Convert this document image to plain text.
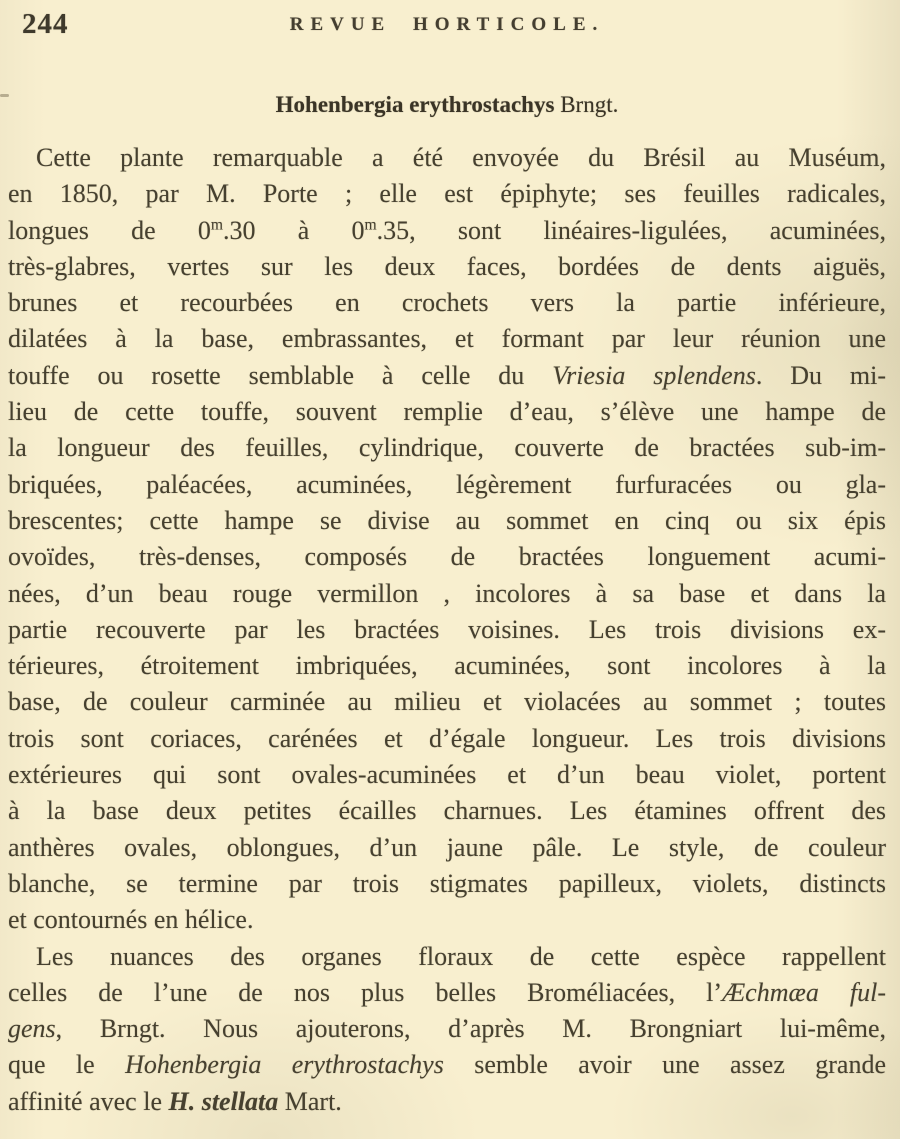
244	REVUE HORTICOLE.
Hohenbergia erythrostachys Brngt.
Cette plante remarquable a été envoyée du Brésil au Muséum,
en 1850, par M. Porte ; elle est épiphyte; ses feuilles radicales,
longues de 0$^m$.30 à 0$^m$.35, sont linéaires-ligulées, acuminées,
très-glabres, vertes sur les deux faces, bordées de dents aiguës,
brunes et recourbées en crochets vers la partie inférieure,
dilatées à la base, embrassantes, et formant par leur réunion une
touffe ou rosette semblable à celle du Vriesia splendens. Du mi-
lieu de cette touffe, souvent remplie d’eau, s’élève une hampe de
la longueur des feuilles, cylindrique, couverte de bractées sub-im-
briquées, paléacées, acuminées, légèrement furfuracées ou gla-
brescentes; cette hampe se divise au sommet en cinq ou six épis
ovoïdes, très-denses, composés de bractées longuement acumi-
nées, d’un beau rouge vermillon , incolores à sa base et dans la
partie recouverte par les bractées voisines. Les trois divisions ex-
térieures, étroitement imbriquées, acuminées, sont incolores à la
base, de couleur carminée au milieu et violacées au sommet ; toutes
trois sont coriaces, carénées et d’égale longueur. Les trois divisions
extérieures qui sont ovales-acuminées et d’un beau violet, portent
à la base deux petites écailles charnues. Les étamines offrent des
anthères ovales, oblongues, d’un jaune pâle. Le style, de couleur
blanche, se termine par trois stigmates papilleux, violets, distincts
et contournés en hélice.
Les nuances des organes floraux de cette espèce rappellent
celles de l’une de nos plus belles Broméliacées, l’Æchmæa ful-
gens, Brngt. Nous ajouterons, d’après M. Brongniart lui-même,
que le Hohenbergia erythrostachys semble avoir une assez grande
affinité avec le H. stellata Mart.
